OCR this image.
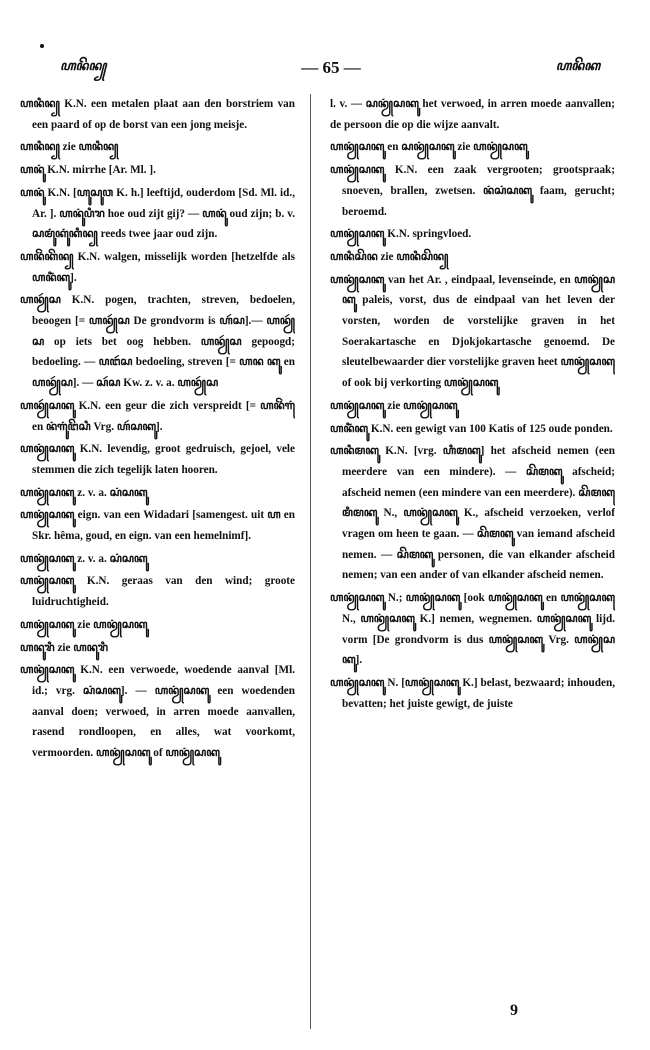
ꦲꦤꦼꦤ꧀	— 65 —	ꦲꦤꦼꦏ

ꦲꦤꦶꦤ꧀ K.N. een metalen plaat aan den borstriem van een paard of op de borst van een jong meisje.

ꦲꦤꦶꦤ꧀ zie ꦲꦤꦶꦤ꧀

ꦲꦤꦸꦁ K.N. mirrhe [Ar. Ml. ].

ꦲꦤꦸꦁ K.N. [ꦲꦸꦱꦸꦮ K. h.] leeftijd, ouderdom [Sd. Ml. id., Ar. ]. ꦲꦤꦸꦁꦥꦶꦫ hoe oud zijt gij? — ꦲꦤꦸꦁ oud zijn; b. v. ꦱꦩꦸꦁꦏꦸꦁꦏꦶꦤ꧀ reeds twee jaar oud zijn.

ꦲꦤꦼꦁꦏꦼꦤ꧀ K.N. walgen, misselijk worden [hetzelfde als ꦲꦤꦶꦁꦏꦸ].

ꦲꦤꦾꦂꦱ K.N. pogen, trachten, streven, bedoelen, beoogen [= ꦲꦤꦾꦂꦱ De grondvorm is ꦲꦂꦱ].— ꦲꦤꦾꦂꦱ op iets bet oog hebben. ꦲꦤꦾꦂꦱ gepoogd; bedoeling. — ꦥꦔꦂꦱ bedoeling, streven [= ꦲꦤ ꦏꦸ en ꦲꦤꦾꦂꦱ]. — ꦱꦂꦱ Kw. z. v. a. ꦲꦤꦾꦂꦱ

ꦲꦤꦾꦂꦱꦏꦸ K.N. een geur die zich verspreidt [= ꦲꦤꦼꦁꦒꦸꦁ en ꦤꦁꦒꦸꦁꦔꦼꦱꦶ Vrg. ꦲꦂꦱꦏꦸ].

ꦲꦤꦾꦁꦱꦏꦸ K.N. levendig, groot gedruisch, gejoel, vele stemmen die zich tegelijk laten hooren.

ꦲꦤꦾꦁꦱꦏꦸ z. v. a. ꦱꦁꦱꦏꦸ

ꦲꦤꦾꦁꦱꦏꦸ eign. van een Widadari [samengest. uit ꦲ en Skr. hêma, goud, en eign. van een hemelnimf].

ꦲꦤꦾꦁꦱꦏꦸ z. v. a. ꦱꦁꦱꦏꦸ

ꦲꦤꦾꦁꦱꦏꦸ K.N. geraas van den wind; groote luidruchtigheid.

ꦲꦤꦾꦁꦱꦏꦸ zie ꦲꦤꦾꦁꦱꦏꦸ

ꦲꦤꦸꦫꦶ zie ꦲꦤꦸꦫꦶ

ꦲꦤꦾꦁꦱꦏꦸ K.N. een verwoede, woedende aanval [Ml. id.; vrg. ꦱꦁꦱꦏꦸ]. — ꦲꦤꦾꦁꦱꦏꦸ een woedenden aanval doen; verwoed, in arren moede aanvallen, rasend rondloopen, en alles, wat voorkomt, vermoorden. ꦲꦤꦾꦁꦱꦏꦸ of ꦲꦤꦾꦁꦱꦏꦸ

l. v. — ꦱꦤꦾꦁꦱꦏꦸ het verwoed, in arren moede aanvallen; de persoon die op die wijze aanvalt.

ꦲꦤꦾꦁꦱꦏꦸ en ꦱꦤꦾꦁꦱꦏꦸ zie ꦲꦤꦾꦁꦱꦏꦸ

ꦲꦤꦾꦁꦱꦏꦸ K.N. een zaak vergrooten; grootspraak; snoeven, brallen, zwetsen. ꦤꦁꦱꦁꦱꦏꦸ faam, gerucht; beroemd.

ꦲꦤꦾꦁꦱꦏꦸ K.N. springvloed.

ꦲꦤꦶꦱꦼꦤ zie ꦲꦤꦶꦱꦼꦤ꧀

ꦲꦤꦾꦁꦱꦏꦸ van het Ar. , eindpaal, levenseinde, en ꦲꦤꦾꦁꦱꦏꦸ paleis, vorst, dus de eindpaal van het leven der vorsten, worden de vorstelijke graven in het Soerakartasche en Djokjokartasche genoemd. De sleutelbewaarder dier vorstelijke graven heet ꦲꦤꦾꦁꦱꦏꦸ of ook bij verkorting ꦲꦤꦾꦁꦱꦏꦸ

ꦲꦤꦾꦁꦱꦏꦸ zie ꦲꦤꦾꦁꦱꦏꦸ

ꦲꦤꦶꦁꦏꦸ K.N. een gewigt van 100 Katis of 125 oude ponden.

ꦲꦤꦶꦩꦏꦸ K.N. [vrg. ꦲꦶꦩꦏꦸ] het afscheid nemen (een meerdere van een mindere). — ꦱꦼꦩꦏꦸ afscheid; afscheid nemen (een mindere van een meerdere). ꦱꦼꦩꦏꦸꦩꦶꦩꦏꦸ N., ꦲꦤꦾꦁꦱꦏꦸ K., afscheid verzoeken, verlof vragen om heen te gaan. — ꦱꦼꦩꦏꦸ van iemand afscheid nemen. — ꦱꦼꦩꦏꦸ personen, die van elkander afscheid nemen; van een ander of van elkander afscheid nemen.

ꦲꦤꦾꦁꦱꦏꦸ N.; ꦲꦤꦾꦁꦱꦏꦸ [ook ꦲꦤꦾꦁꦱꦏꦸ en ꦲꦤꦾꦁꦱꦏꦸ N., ꦲꦤꦾꦁꦱꦏꦸ K.] nemen, wegnemen. ꦲꦤꦾꦁꦱꦏꦸ lijd. vorm [De grondvorm is dus ꦲꦤꦾꦁꦱꦏꦸ Vrg. ꦲꦤꦾꦁꦱꦏꦸ].

ꦲꦤꦾꦁꦱꦏꦸ N. [ꦲꦤꦾꦁꦱꦏꦸ K.] belast, bezwaard; inhouden, bevatten; het juiste gewigt, de juiste

9
